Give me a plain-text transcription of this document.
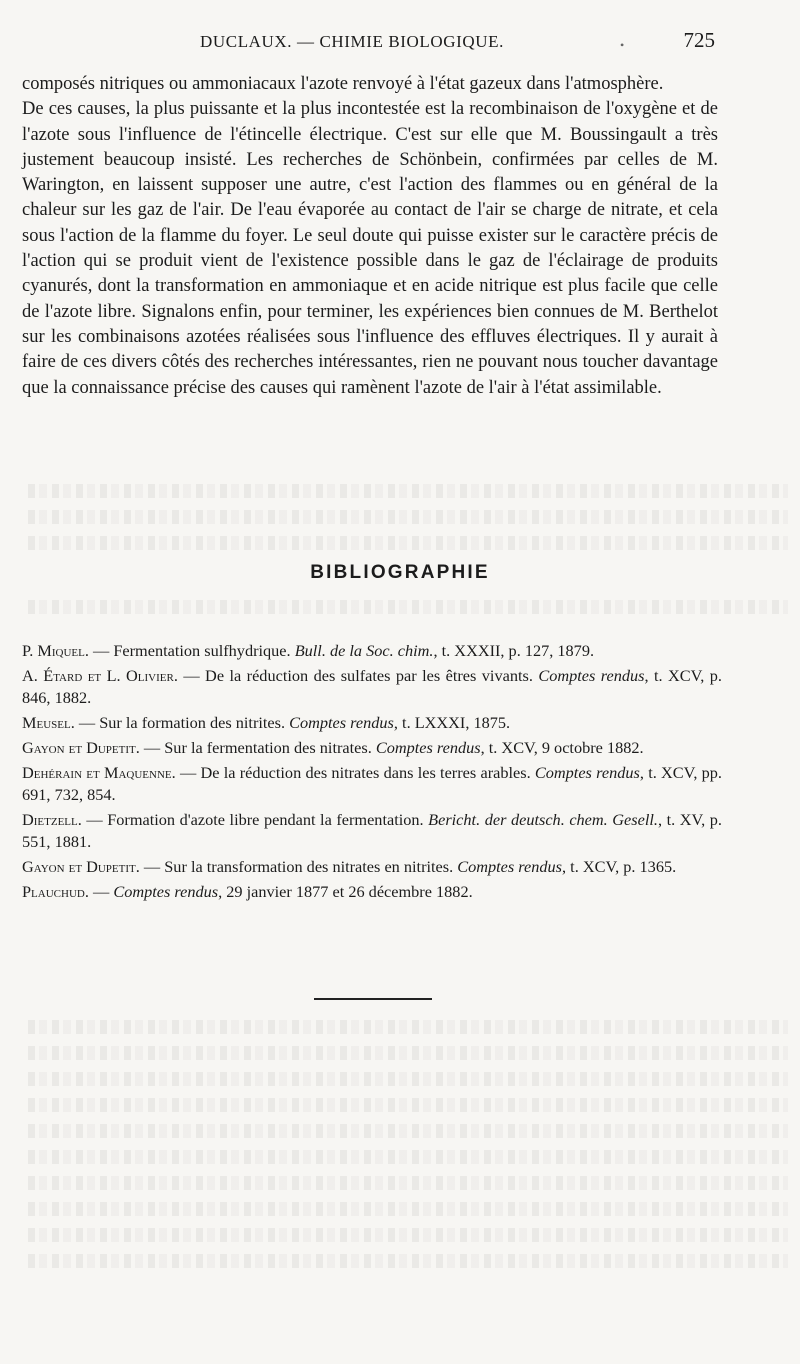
DUCLAUX. — CHIMIE BIOLOGIQUE.	•	725

composés nitriques ou ammoniacaux l'azote renvoyé à l'état gazeux dans l'atmosphère.

De ces causes, la plus puissante et la plus incontestée est la recombinaison de l'oxygène et de l'azote sous l'influence de l'étincelle électrique. C'est sur elle que M. Boussingault a très justement beaucoup insisté. Les recherches de Schönbein, confirmées par celles de M. Warington, en laissent supposer une autre, c'est l'action des flammes ou en général de la chaleur sur les gaz de l'air. De l'eau évaporée au contact de l'air se charge de nitrate, et cela sous l'action de la flamme du foyer. Le seul doute qui puisse exister sur le caractère précis de l'action qui se produit vient de l'existence possible dans le gaz de l'éclairage de produits cyanurés, dont la transformation en ammoniaque et en acide nitrique est plus facile que celle de l'azote libre. Signalons enfin, pour terminer, les expériences bien connues de M. Berthelot sur les combinaisons azotées réalisées sous l'influence des effluves électriques. Il y aurait à faire de ces divers côtés des recherches intéressantes, rien ne pouvant nous toucher davantage que la connaissance précise des causes qui ramènent l'azote de l'air à l'état assimilable.

BIBLIOGRAPHIE
P. Miquel. — Fermentation sulfhydrique. Bull. de la Soc. chim., t. XXXII, p. 127, 1879.
A. Étard et L. Olivier. — De la réduction des sulfates par les êtres vivants. Comptes rendus, t. XCV, p. 846, 1882.
Meusel. — Sur la formation des nitrites. Comptes rendus, t. LXXXI, 1875.
Gayon et Dupetit. — Sur la fermentation des nitrates. Comptes rendus, t. XCV, 9 octobre 1882.
Dehérain et Maquenne. — De la réduction des nitrates dans les terres arables. Comptes rendus, t. XCV, pp. 691, 732, 854.
Dietzell. — Formation d'azote libre pendant la fermentation. Bericht. der deutsch. chem. Gesell., t. XV, p. 551, 1881.
Gayon et Dupetit. — Sur la transformation des nitrates en nitrites. Comptes rendus, t. XCV, p. 1365.
Plauchud. — Comptes rendus, 29 janvier 1877 et 26 décembre 1882.
